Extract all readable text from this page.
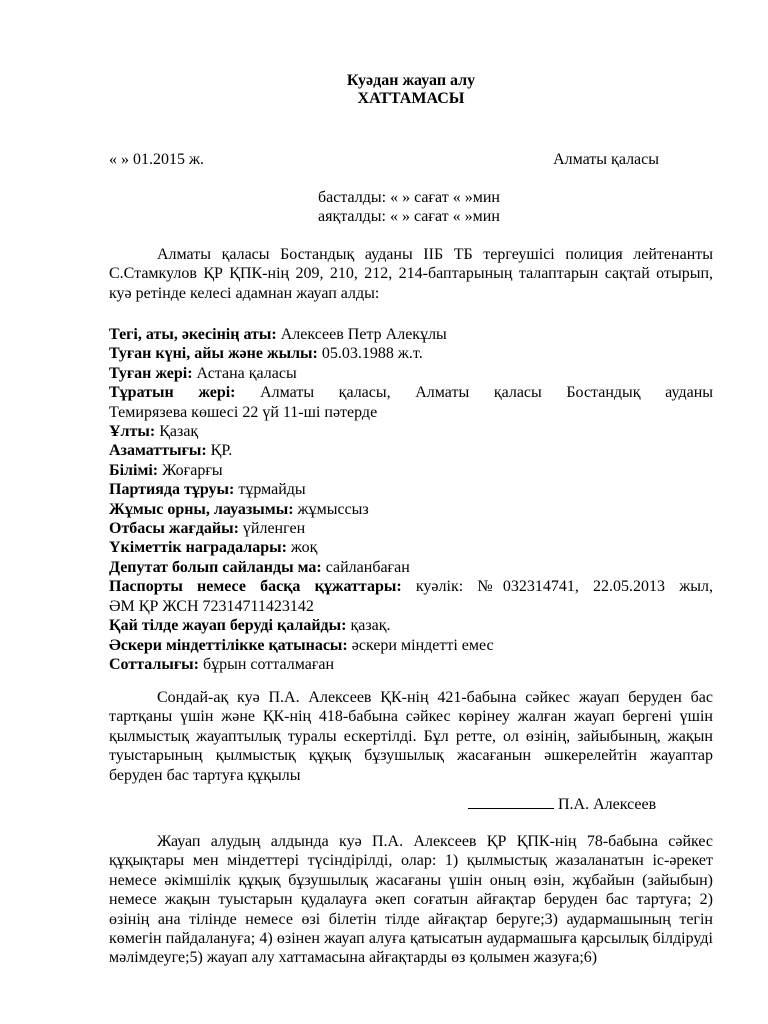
Куәдан жауап алу
ХАТТАМАСЫ
« » 01.2015 ж.	Алматы қаласы
басталды: « » сағат « »мин
аяқталды: « » сағат « »мин
Алматы қаласы Бостандық ауданы ІІБ ТБ тергеушісі полиция лейтенанты С.Стамкулов ҚР ҚПК-нің 209, 210, 212, 214-баптарының талаптарын сақтай отырып, куә ретінде келесі адамнан жауап алды:
Тегі, аты, әкесінің аты: Алексеев Петр Алекұлы
Туған күні, айы және жылы: 05.03.1988 ж.т.
Туған жері: Астана қаласы
Тұратын жері: Алматы қаласы, Алматы қаласы Бостандық ауданы
Темирязева көшесі 22 үй 11-ші пәтерде
Ұлты: Қазақ
Азаматтығы: ҚР.
Білімі: Жоғарғы
Партияда тұруы: тұрмайды
Жұмыс орны, лауазымы: жұмыссыз
Отбасы жағдайы: үйленген
Үкіметтік наградалары: жоқ
Депутат болып сайланды ма: сайланбаған
Паспорты немесе басқа құжаттары: куәлік: №032314741, 22.05.2013 жыл,
ӘМ ҚР ЖСН 72314711423142
Қай тілде жауап беруді қалайды: қазақ.
Әскери міндеттілікке қатынасы: әскери міндетті емес
Сотталығы: бұрын сотталмаған
Сондай-ақ куә П.А. Алексеев ҚК-нің 421-бабына сәйкес жауап беруден бас тартқаны үшін және ҚК-нің 418-бабына сәйкес көрінеу жалған жауап бергені үшін қылмыстық жауаптылық туралы ескертілді. Бұл ретте, ол өзінің, зайыбының, жақын туыстарының қылмыстық құқық бұзушылық жасағанын әшкерелейтін жауаптар беруден бас тартуға құқылы
П.А. Алексеев
Жауап алудың алдында куә П.А. Алексеев ҚР ҚПК-нің 78-бабына сәйкес құқықтары мен міндеттері түсіндірілді, олар: 1) қылмыстық жазаланатын іс-әрекет немесе әкімшілік құқық бұзушылық жасағаны үшін оның өзін, жұбайын (зайыбын) немесе жақын туыстарын қудалауға әкеп соғатын айғақтар беруден бас тартуға; 2) өзінің ана тілінде немесе өзі білетін тілде айғақтар беруге;3) аудармашының тегін көмегін пайдалануға; 4) өзінен жауап алуға қатысатын аудармашыға қарсылық білдіруді мәлімдеуге;5) жауап алу хаттамасына айғақтарды өз қолымен жазуға;6)
